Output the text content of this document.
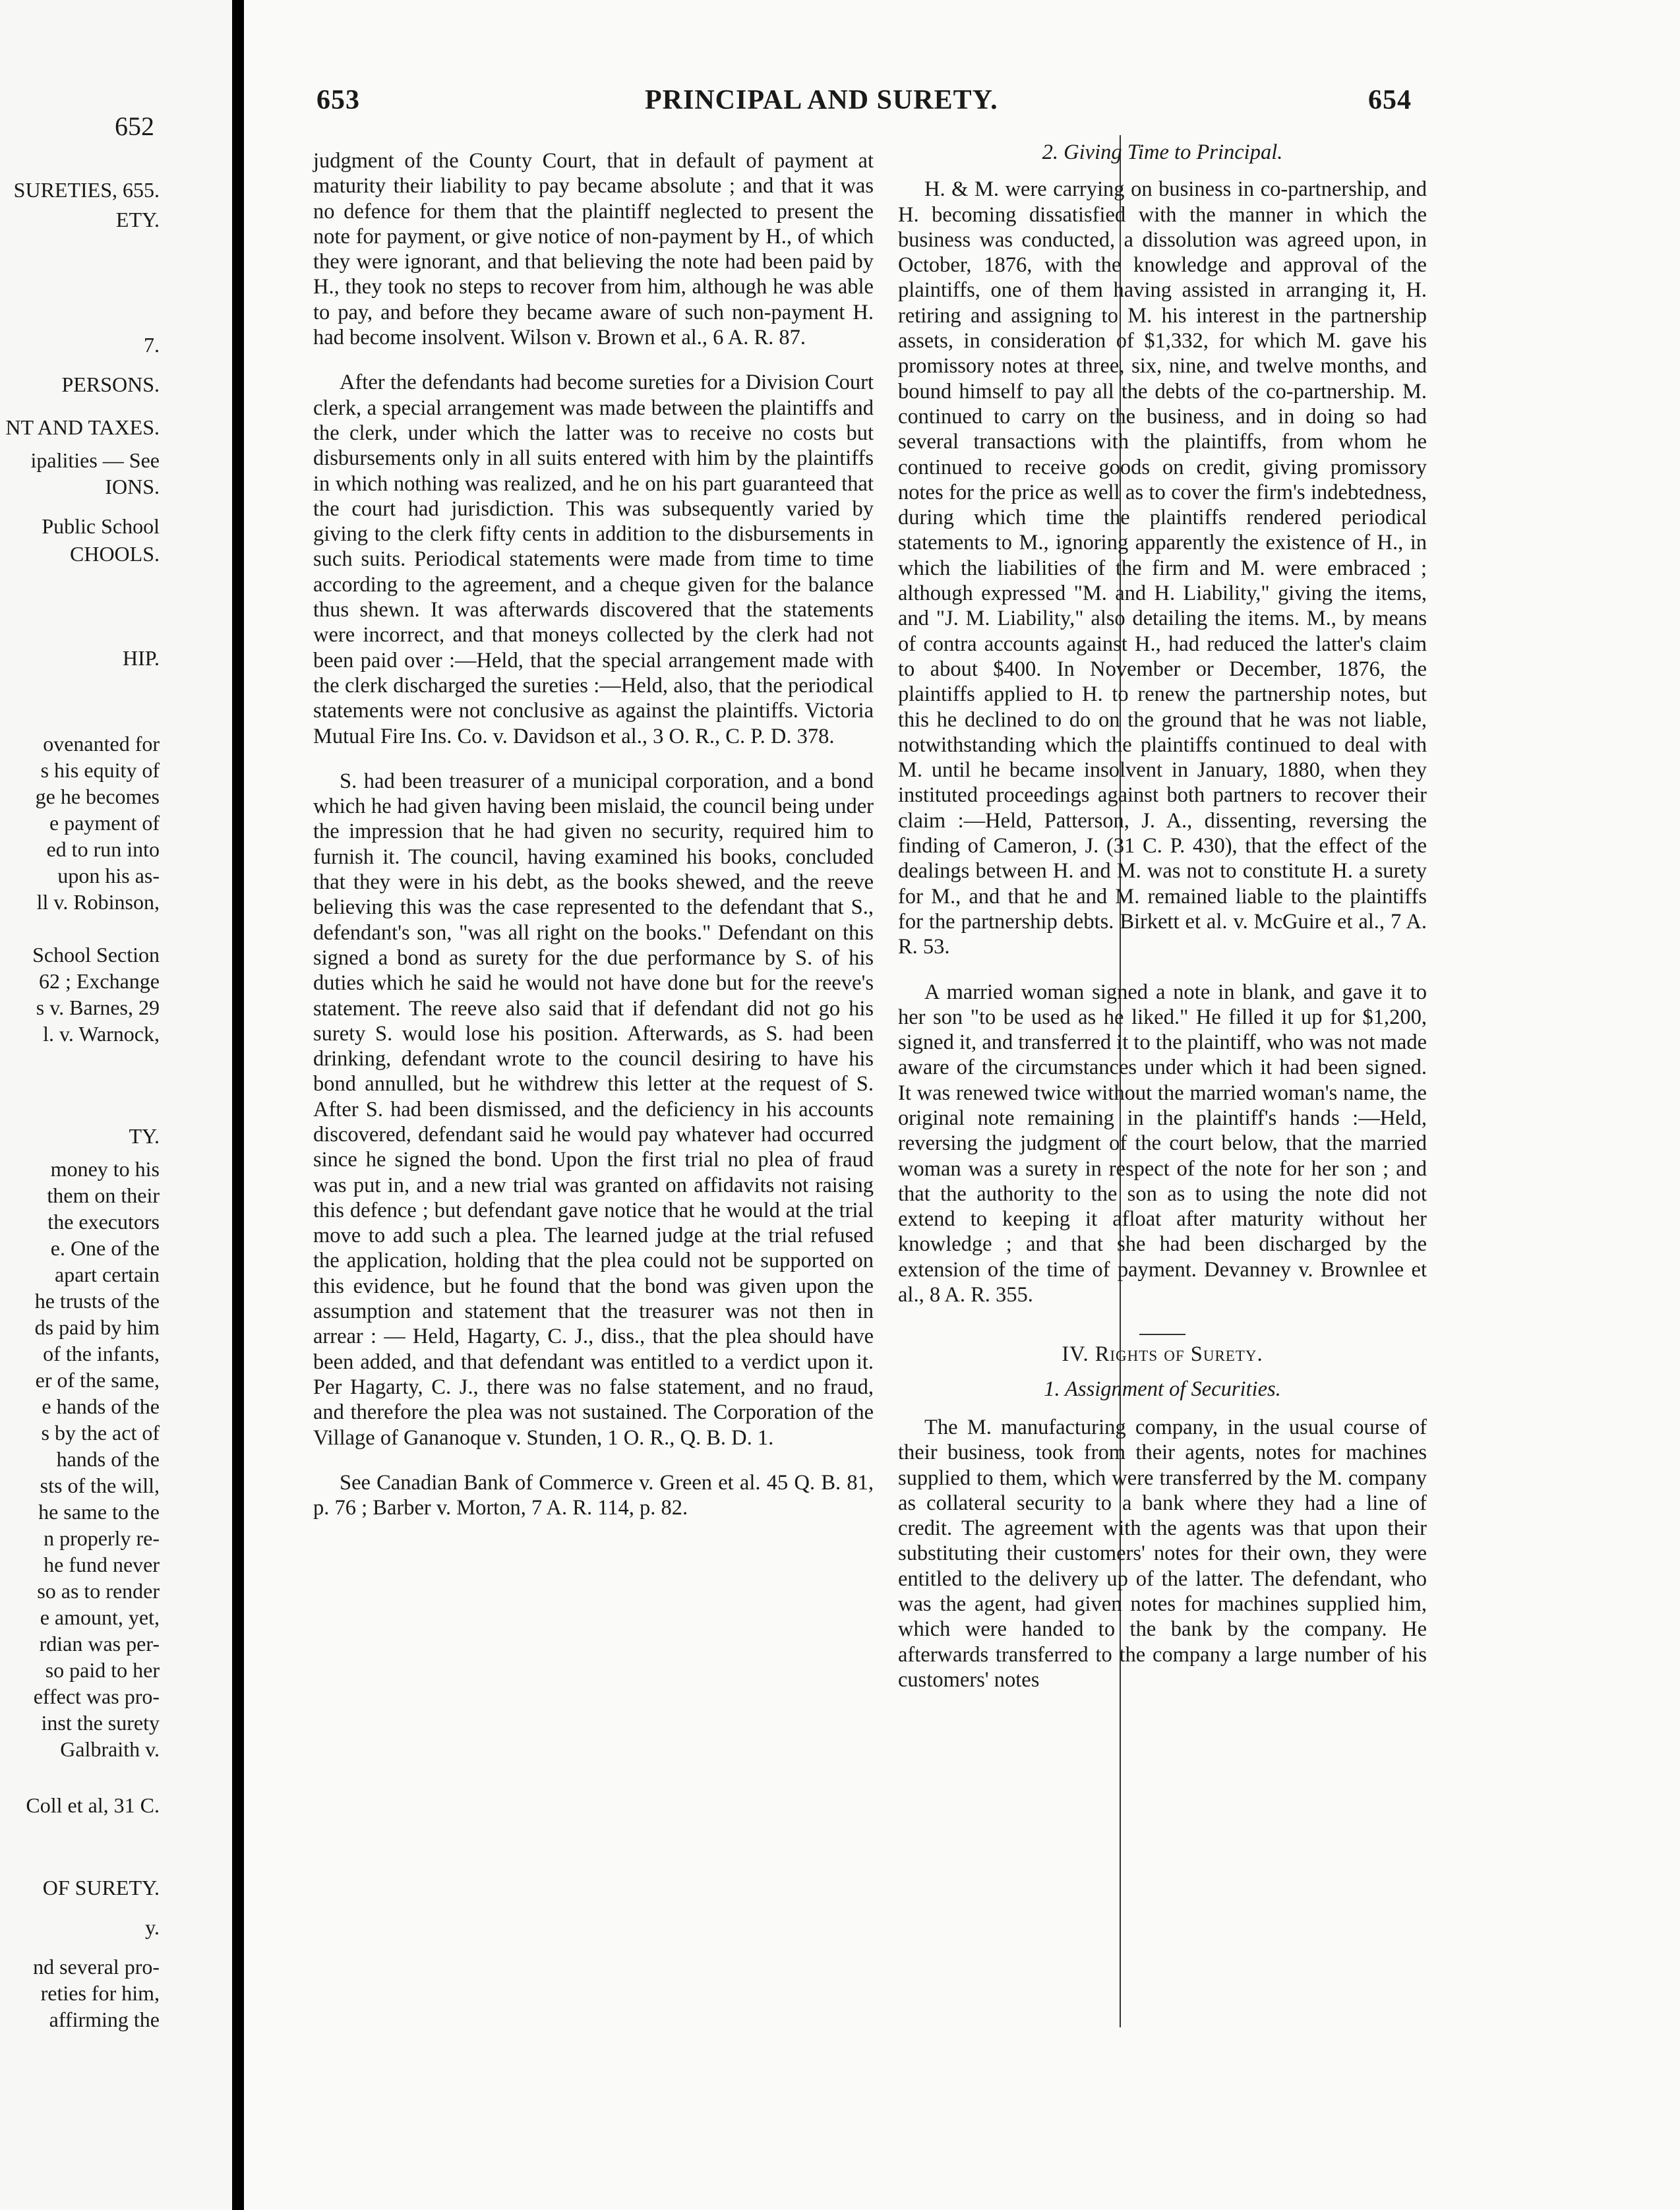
652
SURETIES, 655.
ETY.
7.
PERSONS.
NT AND TAXES.
ipalities — See
IONS.
Public School
CHOOLS.
HIP.
ovenanted for
s his equity of
ge he becomes
e payment of
ed to run into
upon his as-
ll v. Robinson,
School Section
62 ; Exchange
s v. Barnes, 29
l. v. Warnock,
TY.
money to his
them on their
the executors
e. One of the
apart certain
he trusts of the
ds paid by him
of the infants,
er of the same,
e hands of the
s by the act of
hands of the
sts of the will,
he same to the
n properly re-
he fund never
so as to render
e amount, yet,
rdian was per-
so paid to her
effect was pro-
inst the surety
Galbraith v.
Coll et al, 31 C.
OF SURETY.
y.
nd several pro-
reties for him,
affirming the
653	PRINCIPAL AND SURETY.	654

judgment of the County Court, that in default of payment at maturity their liability to pay became absolute ; and that it was no defence for them that the plaintiff neglected to present the note for payment, or give notice of non-payment by H., of which they were ignorant, and that believing the note had been paid by H., they took no steps to recover from him, although he was able to pay, and before they became aware of such non-payment H. had become insolvent. Wilson v. Brown et al., 6 A. R. 87.

After the defendants had become sureties for a Division Court clerk, a special arrangement was made between the plaintiffs and the clerk, under which the latter was to receive no costs but disbursements only in all suits entered with him by the plaintiffs in which nothing was realized, and he on his part guaranteed that the court had jurisdiction. This was subsequently varied by giving to the clerk fifty cents in addition to the disbursements in such suits. Periodical statements were made from time to time according to the agreement, and a cheque given for the balance thus shewn. It was afterwards discovered that the statements were incorrect, and that moneys collected by the clerk had not been paid over :—Held, that the special arrangement made with the clerk discharged the sureties :—Held, also, that the periodical statements were not conclusive as against the plaintiffs. Victoria Mutual Fire Ins. Co. v. Davidson et al., 3 O. R., C. P. D. 378.

S. had been treasurer of a municipal corporation, and a bond which he had given having been mislaid, the council being under the impression that he had given no security, required him to furnish it. The council, having examined his books, concluded that they were in his debt, as the books shewed, and the reeve believing this was the case represented to the defendant that S., defendant's son, "was all right on the books." Defendant on this signed a bond as surety for the due performance by S. of his duties which he said he would not have done but for the reeve's statement. The reeve also said that if defendant did not go his surety S. would lose his position. Afterwards, as S. had been drinking, defendant wrote to the council desiring to have his bond annulled, but he withdrew this letter at the request of S. After S. had been dismissed, and the deficiency in his accounts discovered, defendant said he would pay whatever had occurred since he signed the bond. Upon the first trial no plea of fraud was put in, and a new trial was granted on affidavits not raising this defence ; but defendant gave notice that he would at the trial move to add such a plea. The learned judge at the trial refused the application, holding that the plea could not be supported on this evidence, but he found that the bond was given upon the assumption and statement that the treasurer was not then in arrear : — Held, Hagarty, C. J., diss., that the plea should have been added, and that defendant was entitled to a verdict upon it. Per Hagarty, C. J., there was no false statement, and no fraud, and therefore the plea was not sustained. The Corporation of the Village of Gananoque v. Stunden, 1 O. R., Q. B. D. 1.

See Canadian Bank of Commerce v. Green et al. 45 Q. B. 81, p. 76 ; Barber v. Morton, 7 A. R. 114, p. 82.

2. Giving Time to Principal.

H. & M. were carrying on business in co-partnership, and H. becoming dissatisfied with the manner in which the business was conducted, a dissolution was agreed upon, in October, 1876, with the knowledge and approval of the plaintiffs, one of them having assisted in arranging it, H. retiring and assigning to M. his interest in the partnership assets, in consideration of $1,332, for which M. gave his promissory notes at three, six, nine, and twelve months, and bound himself to pay all the debts of the co-partnership. M. continued to carry on the business, and in doing so had several transactions with the plaintiffs, from whom he continued to receive goods on credit, giving promissory notes for the price as well as to cover the firm's indebtedness, during which time the plaintiffs rendered periodical statements to M., ignoring apparently the existence of H., in which the liabilities of the firm and M. were embraced ; although expressed "M. and H. Liability," giving the items, and "J. M. Liability," also detailing the items. M., by means of contra accounts against H., had reduced the latter's claim to about $400. In November or December, 1876, the plaintiffs applied to H. to renew the partnership notes, but this he declined to do on the ground that he was not liable, notwithstanding which the plaintiffs continued to deal with M. until he became insolvent in January, 1880, when they instituted proceedings against both partners to recover their claim :—Held, Patterson, J. A., dissenting, reversing the finding of Cameron, J. (31 C. P. 430), that the effect of the dealings between H. and M. was not to constitute H. a surety for M., and that he and M. remained liable to the plaintiffs for the partnership debts. Birkett et al. v. McGuire et al., 7 A. R. 53.

A married woman signed a note in blank, and gave it to her son "to be used as he liked." He filled it up for $1,200, signed it, and transferred it to the plaintiff, who was not made aware of the circumstances under which it had been signed. It was renewed twice without the married woman's name, the original note remaining in the plaintiff's hands :—Held, reversing the judgment of the court below, that the married woman was a surety in respect of the note for her son ; and that the authority to the son as to using the note did not extend to keeping it afloat after maturity without her knowledge ; and that she had been discharged by the extension of the time of payment. Devanney v. Brownlee et al., 8 A. R. 355.

IV. Rights of Surety.

1. Assignment of Securities.

The M. manufacturing company, in the usual course of their business, took from their agents, notes for machines supplied to them, which were transferred by the M. company as collateral security to a bank where they had a line of credit. The agreement with the agents was that upon their substituting their customers' notes for their own, they were entitled to the delivery up of the latter. The defendant, who was the agent, had given notes for machines supplied him, which were handed to the bank by the company. He afterwards transferred to the company a large number of his customers' notes
